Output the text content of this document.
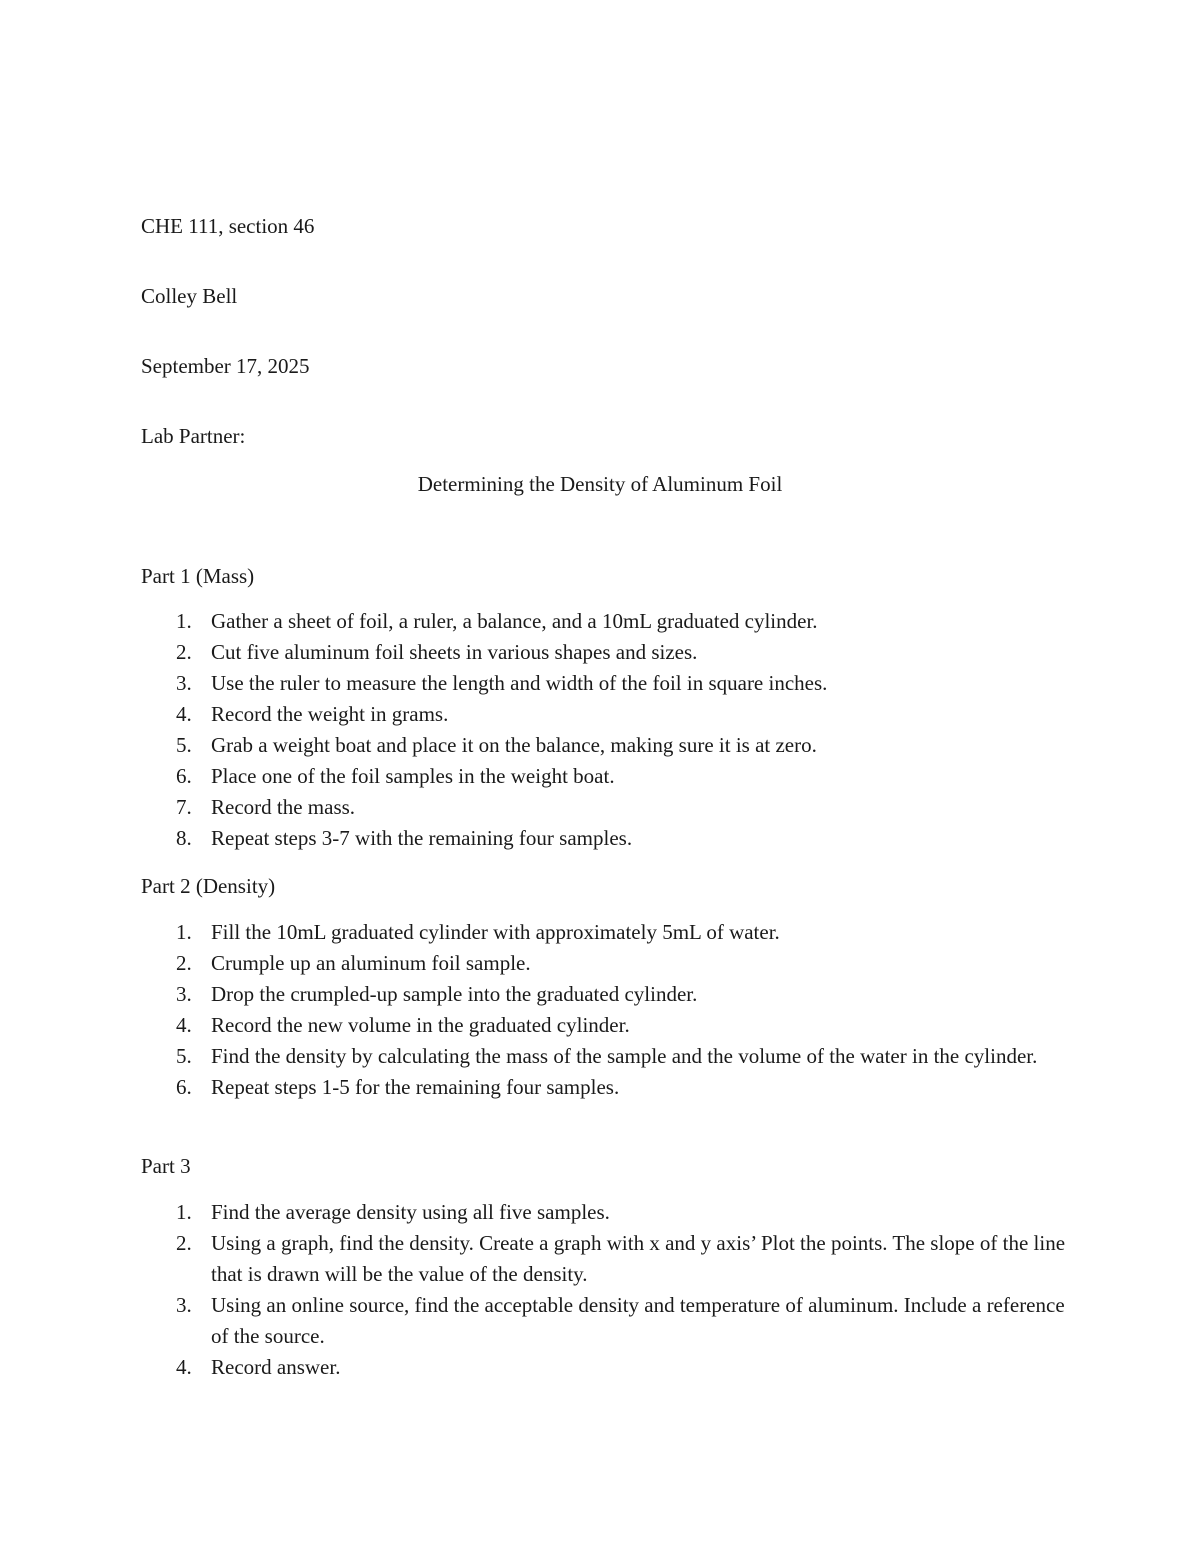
CHE 111, section 46
Colley Bell
September 17, 2025
Lab Partner:
Determining the Density of Aluminum Foil
Part 1 (Mass)
1. Gather a sheet of foil, a ruler, a balance, and a 10mL graduated cylinder.
2. Cut five aluminum foil sheets in various shapes and sizes.
3. Use the ruler to measure the length and width of the foil in square inches.
4. Record the weight in grams.
5. Grab a weight boat and place it on the balance, making sure it is at zero.
6. Place one of the foil samples in the weight boat.
7. Record the mass.
8. Repeat steps 3-7 with the remaining four samples.
Part 2 (Density)
1. Fill the 10mL graduated cylinder with approximately 5mL of water.
2. Crumple up an aluminum foil sample.
3. Drop the crumpled-up sample into the graduated cylinder.
4. Record the new volume in the graduated cylinder.
5. Find the density by calculating the mass of the sample and the volume of the water in the cylinder.
6. Repeat steps 1-5 for the remaining four samples.
Part 3
1. Find the average density using all five samples.
2. Using a graph, find the density. Create a graph with x and y axis’ Plot the points. The slope of the line that is drawn will be the value of the density.
3. Using an online source, find the acceptable density and temperature of aluminum. Include a reference of the source.
4. Record answer.
